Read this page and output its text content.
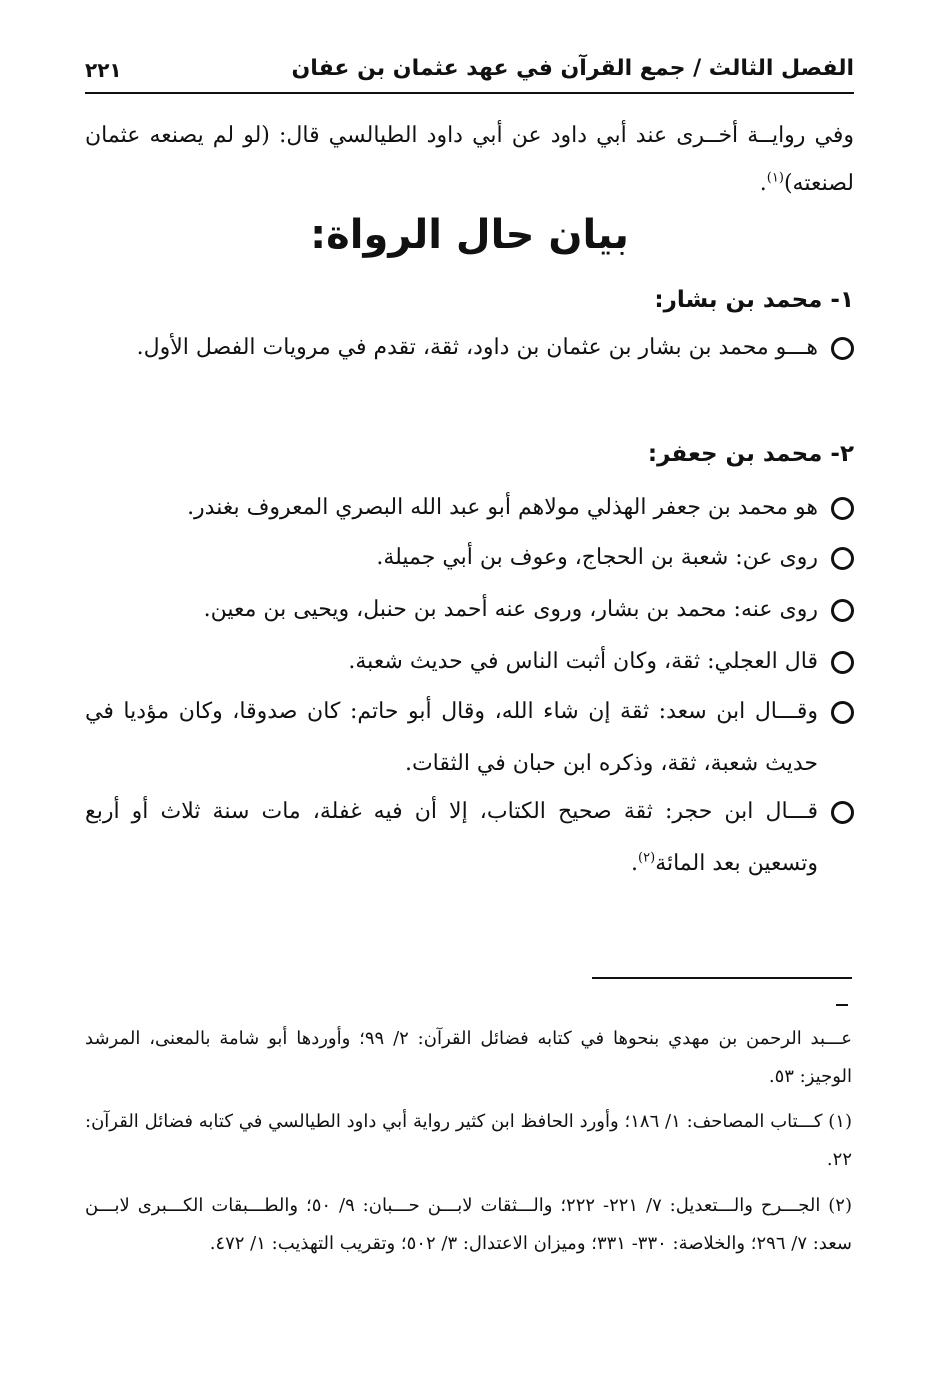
الفصل الثالث / جمع القرآن في عهد عثمان بن عفان
٢٢١
وفي روايــة أخــرى عند أبي داود عن أبي داود الطيالسي قال: (لو لم يصنعه عثمان لصنعته)$^{(١)}$.
بيان حال الرواة:
١- محمد بن بشار:
هـــو محمد بن بشار بن عثمان بن داود، ثقة، تقدم في مرويات الفصل الأول.
٢- محمد بن جعفر:
هو محمد بن جعفر الهذلي مولاهم أبو عبد الله البصري المعروف بغندر.
روى عن: شعبة بن الحجاج، وعوف بن أبي جميلة.
روى عنه: محمد بن بشار، وروى عنه أحمد بن حنبل، ويحيى بن معين.
قال العجلي: ثقة، وكان أثبت الناس في حديث شعبة.
وقـــال ابن سعد: ثقة إن شاء الله، وقال أبو حاتم: كان صدوقا، وكان مؤديا في حديث شعبة، ثقة، وذكره ابن حبان في الثقات.
قـــال ابن حجر: ثقة صحيح الكتاب، إلا أن فيه غفلة، مات سنة ثلاث أو أربع وتسعين بعد المائة$^{(٢)}$.
عـــبد الرحمن بن مهدي بنحوها في كتابه فضائل القرآن: ٢/ ٩٩؛ وأوردها أبو شامة بالمعنى، المرشد الوجيز: ٥٣.
(١) كـــتاب المصاحف: ١/ ١٨٦؛ وأورد الحافظ ابن كثير رواية أبي داود الطيالسي في كتابه فضائل القرآن: ٢٢.
(٢) الجـــرح والـــتعديل: ٧/ ٢٢١- ٢٢٢؛ والـــثقات لابـــن حـــبان: ٩/ ٥٠؛ والطـــبقات الكـــبرى لابـــن سعد: ٧/ ٢٩٦؛ والخلاصة: ٣٣٠- ٣٣١؛ وميزان الاعتدال: ٣/ ٥٠٢؛ وتقريب التهذيب: ١/ ٤٧٢.
